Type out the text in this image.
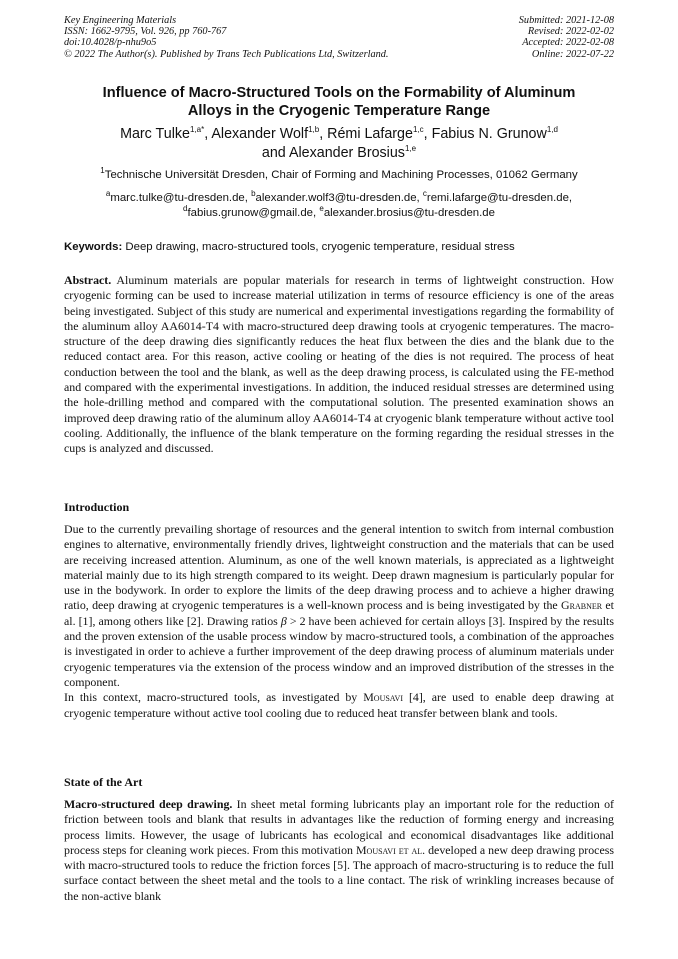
Key Engineering Materials
ISSN: 1662-9795, Vol. 926, pp 760-767
doi:10.4028/p-nhu9o5
© 2022 The Author(s). Published by Trans Tech Publications Ltd, Switzerland.
Submitted: 2021-12-08
Revised: 2022-02-02
Accepted: 2022-02-08
Online: 2022-07-22
Influence of Macro-Structured Tools on the Formability of Aluminum
Alloys in the Cryogenic Temperature Range
Marc Tulke$^{1,a*}$, Alexander Wolf$^{1,b}$, Rémi Lafarge$^{1,c}$, Fabius N. Grunow$^{1,d}$
and Alexander Brosius$^{1,e}$
$^1$Technische Universität Dresden, Chair of Forming and Machining Processes, 01062 Germany
$^a$marc.tulke@tu-dresden.de, $^b$alexander.wolf3@tu-dresden.de, $^c$remi.lafarge@tu-dresden.de,
$^d$fabius.grunow@gmail.de, $^e$alexander.brosius@tu-dresden.de
Keywords: Deep drawing, macro-structured tools, cryogenic temperature, residual stress

Abstract. Aluminum materials are popular materials for research in terms of lightweight construction. How cryogenic forming can be used to increase material utilization in terms of resource efficiency is one of the areas being investigated. Subject of this study are numerical and experimental investigations regarding the formability of the aluminum alloy AA6014-T4 with macro-structured deep drawing tools at cryogenic temperatures. The macro-structure of the deep drawing dies significantly reduces the heat flux between the dies and the blank due to the reduced contact area. For this reason, active cooling or heating of the dies is not required. The process of heat conduction between the tool and the blank, as well as the deep drawing process, is calculated using the FE-method and compared with the experimental investigations. In addition, the induced residual stresses are determined using the hole-drilling method and compared with the computational solution. The presented examination shows an improved deep drawing ratio of the aluminum alloy AA6014-T4 at cryogenic blank temperature without active tool cooling. Additionally, the influence of the blank temperature on the forming regarding the residual stresses in the cups is analyzed and discussed.

Introduction

Due to the currently prevailing shortage of resources and the general intention to switch from internal combustion engines to alternative, environmentally friendly drives, lightweight construction and the materials that can be used are receiving increased attention. Aluminum, as one of the well known materials, is appreciated as a lightweight material mainly due to its high strength compared to its weight. Deep drawn magnesium is particularly popular for use in the bodywork. In order to explore the limits of the deep drawing process and to achieve a higher drawing ratio, deep drawing at cryogenic temperatures is a well-known process and is being investigated by the Grabner et al. [1], among others like [2]. Drawing ratios β > 2 have been achieved for certain alloys [3]. Inspired by the results and the proven extension of the usable process window by macro-structured tools, a combination of the approaches is investigated in order to achieve a further improvement of the deep drawing process of aluminum materials under cryogenic temperatures via the extension of the process window and an improved distribution of the stresses in the component.

In this context, macro-structured tools, as investigated by Mousavi [4], are used to enable deep drawing at cryogenic temperature without active tool cooling due to reduced heat transfer between blank and tools.

State of the Art

Macro-structured deep drawing. In sheet metal forming lubricants play an important role for the reduction of friction between tools and blank that results in advantages like the reduction of forming energy and increasing process limits. However, the usage of lubricants has ecological and economical disadvantages like additional process steps for cleaning work pieces. From this motivation Mousavi et al. developed a new deep drawing process with macro-structured tools to reduce the friction forces [5]. The approach of macro-structuring is to reduce the full surface contact between the sheet metal and the tools to a line contact. The risk of wrinkling increases because of the non-active blank
